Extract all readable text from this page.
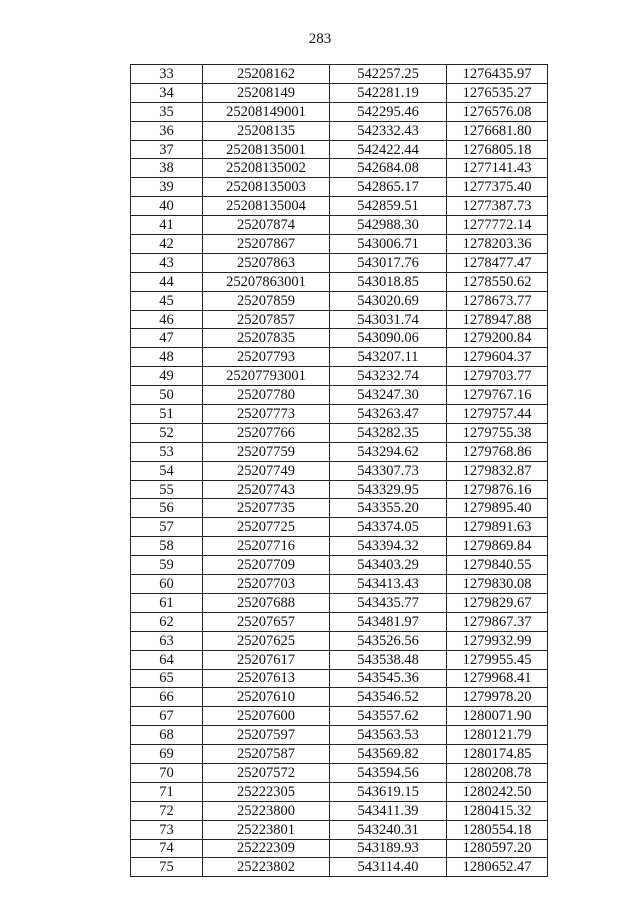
283
33	25208162	542257.25	1276435.97
34	25208149	542281.19	1276535.27
35	25208149001	542295.46	1276576.08
36	25208135	542332.43	1276681.80
37	25208135001	542422.44	1276805.18
38	25208135002	542684.08	1277141.43
39	25208135003	542865.17	1277375.40
40	25208135004	542859.51	1277387.73
41	25207874	542988.30	1277772.14
42	25207867	543006.71	1278203.36
43	25207863	543017.76	1278477.47
44	25207863001	543018.85	1278550.62
45	25207859	543020.69	1278673.77
46	25207857	543031.74	1278947.88
47	25207835	543090.06	1279200.84
48	25207793	543207.11	1279604.37
49	25207793001	543232.74	1279703.77
50	25207780	543247.30	1279767.16
51	25207773	543263.47	1279757.44
52	25207766	543282.35	1279755.38
53	25207759	543294.62	1279768.86
54	25207749	543307.73	1279832.87
55	25207743	543329.95	1279876.16
56	25207735	543355.20	1279895.40
57	25207725	543374.05	1279891.63
58	25207716	543394.32	1279869.84
59	25207709	543403.29	1279840.55
60	25207703	543413.43	1279830.08
61	25207688	543435.77	1279829.67
62	25207657	543481.97	1279867.37
63	25207625	543526.56	1279932.99
64	25207617	543538.48	1279955.45
65	25207613	543545.36	1279968.41
66	25207610	543546.52	1279978.20
67	25207600	543557.62	1280071.90
68	25207597	543563.53	1280121.79
69	25207587	543569.82	1280174.85
70	25207572	543594.56	1280208.78
71	25222305	543619.15	1280242.50
72	25223800	543411.39	1280415.32
73	25223801	543240.31	1280554.18
74	25222309	543189.93	1280597.20
75	25223802	543114.40	1280652.47
